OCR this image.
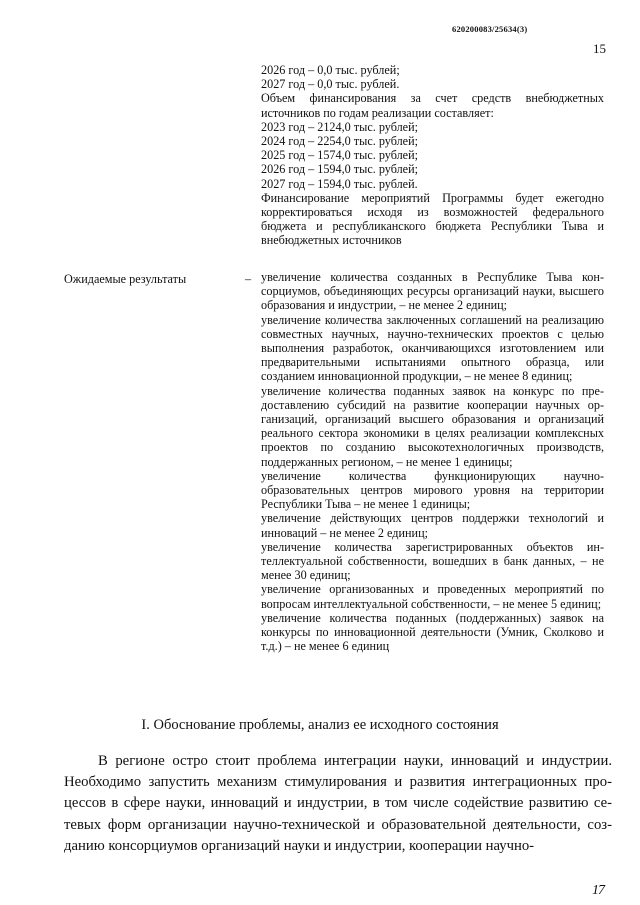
620200083/25634(3)
15
2026 год – 0,0 тыс. рублей;
2027 год – 0,0 тыс. рублей.
Объем финансирования за счет средств внебюджетных источников по годам реализации составляет:
2023 год – 2124,0 тыс. рублей;
2024 год – 2254,0 тыс. рублей;
2025 год – 1574,0 тыс. рублей;
2026 год – 1594,0 тыс. рублей;
2027 год – 1594,0 тыс. рублей.
Финансирование мероприятий Программы будет ежегодно корректироваться исходя из возможностей федерального бюджета и республиканского бюджета Республики Тыва и внебюджетных источников
Ожидаемые результаты	– увеличение количества созданных в Республике Тыва консорциумов, объединяющих ресурсы организаций науки, высшего образования и индустрии, – не менее 2 единиц;
увеличение количества заключенных соглашений на реализацию совместных научных, научно-технических проектов с целью выполнения разработок, оканчивающихся изготовлением или предварительными испытаниями опытного образца, или созданием инновационной продукции, – не менее 8 единиц;
увеличение количества поданных заявок на конкурс по предоставлению субсидий на развитие кооперации научных организаций, организаций высшего образования и организаций реального сектора экономики в целях реализации комплексных проектов по созданию высокотехнологичных производств, поддержанных регионом, – не менее 1 единицы;
увеличение количества функционирующих научно-образовательных центров мирового уровня на территории Республики Тыва – не менее 1 единицы;
увеличение действующих центров поддержки технологий и инноваций – не менее 2 единиц;
увеличение количества зарегистрированных объектов интеллектуальной собственности, вошедших в банк данных, – не менее 30 единиц;
увеличение организованных и проведенных мероприятий по вопросам интеллектуальной собственности, – не менее 5 единиц;
увеличение количества поданных (поддержанных) заявок на конкурсы по инновационной деятельности (Умник, Сколково и т.д.) – не менее 6 единиц
I. Обоснование проблемы, анализ ее исходного состояния
В регионе остро стоит проблема интеграции науки, инноваций и индустрии. Необходимо запустить механизм стимулирования и развития интеграционных процессов в сфере науки, инноваций и индустрии, в том числе содействие развитию сетевых форм организации научно-технической и образовательной деятельности, созданию консорциумов организаций науки и индустрии, кооперации научно-
17
